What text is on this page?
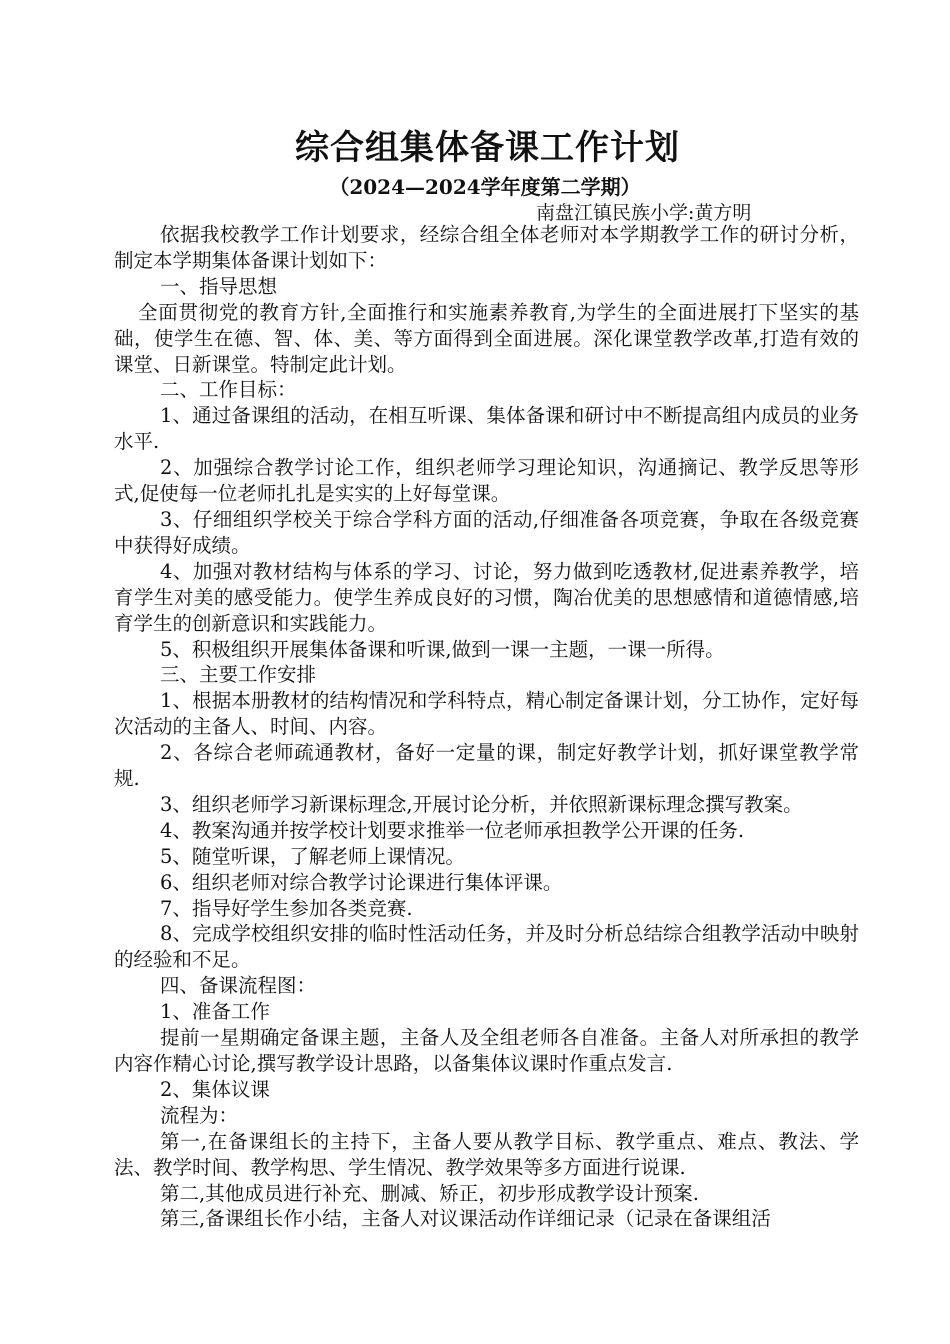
综合组集体备课工作计划
（2024—2024学年度第二学期）
南盘江镇民族小学:黄方明

依据我校教学工作计划要求，经综合组全体老师对本学期教学工作的研讨分析，制定本学期集体备课计划如下：

一、指导思想

全面贯彻党的教育方针,全面推行和实施素养教育,为学生的全面进展打下坚实的基础，使学生在德、智、体、美、等方面得到全面进展。深化课堂教学改革,打造有效的课堂、日新课堂。特制定此计划。

二、工作目标：

1、通过备课组的活动，在相互听课、集体备课和研讨中不断提高组内成员的业务水平.

2、加强综合教学讨论工作，组织老师学习理论知识，沟通摘记、教学反思等形式,促使每一位老师扎扎是实实的上好每堂课。

3、仔细组织学校关于综合学科方面的活动,仔细准备各项竞赛，争取在各级竞赛中获得好成绩。

4、加强对教材结构与体系的学习、讨论，努力做到吃透教材,促进素养教学，培育学生对美的感受能力。使学生养成良好的习惯，陶冶优美的思想感情和道德情感,培育学生的创新意识和实践能力。

5、积极组织开展集体备课和听课,做到一课一主题，一课一所得。

三、主要工作安排

1、根据本册教材的结构情况和学科特点，精心制定备课计划，分工协作，定好每次活动的主备人、时间、内容。

2、各综合老师疏通教材，备好一定量的课，制定好教学计划，抓好课堂教学常规.

3、组织老师学习新课标理念,开展讨论分析，并依照新课标理念撰写教案。

4、教案沟通并按学校计划要求推举一位老师承担教学公开课的任务.

5、随堂听课，了解老师上课情况。

6、组织老师对综合教学讨论课进行集体评课。

7、指导好学生参加各类竞赛.

8、完成学校组织安排的临时性活动任务，并及时分析总结综合组教学活动中映射的经验和不足。

四、备课流程图：

1、准备工作

提前一星期确定备课主题，主备人及全组老师各自准备。主备人对所承担的教学内容作精心讨论,撰写教学设计思路，以备集体议课时作重点发言.

2、集体议课

流程为：

第一,在备课组长的主持下，主备人要从教学目标、教学重点、难点、教法、学法、教学时间、教学构思、学生情况、教学效果等多方面进行说课.

第二,其他成员进行补充、删减、矫正，初步形成教学设计预案.

第三,备课组长作小结，主备人对议课活动作详细记录（记录在备课组活
